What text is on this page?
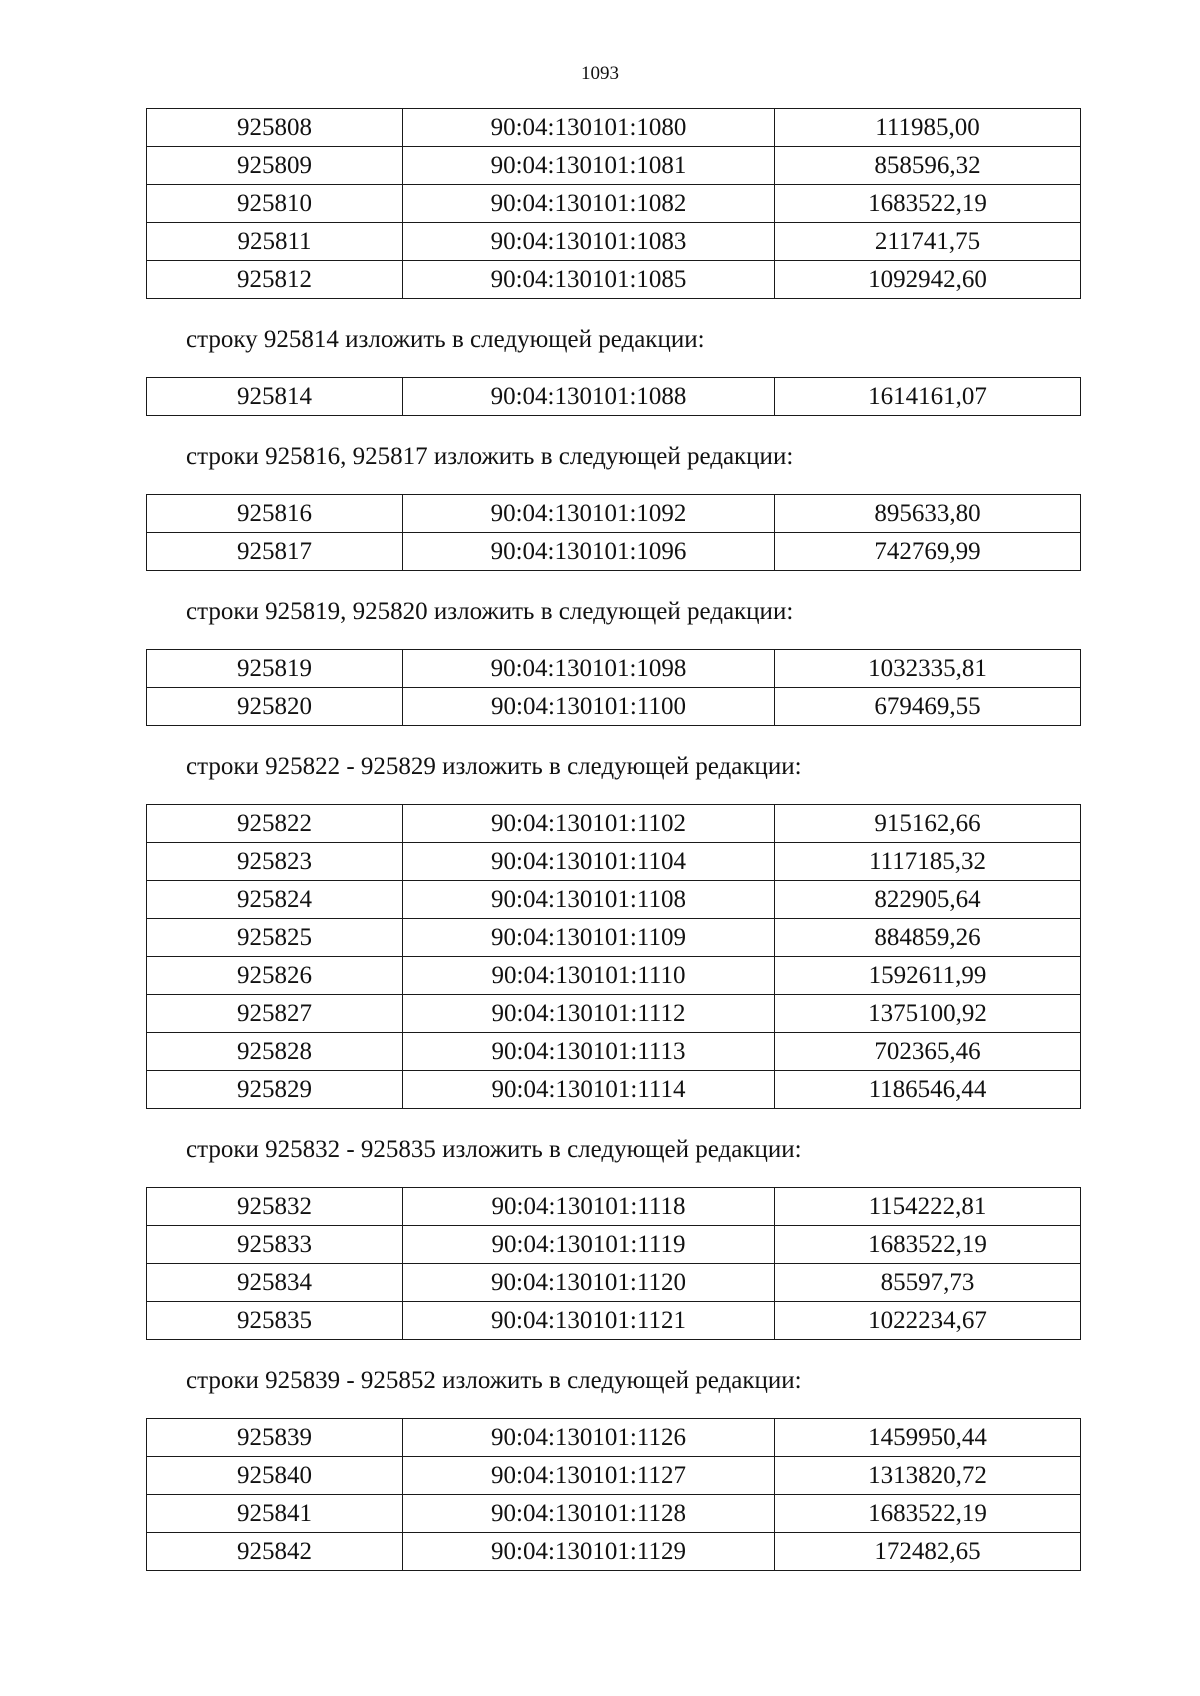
1093
925808	90:04:130101:1080	111985,00
925809	90:04:130101:1081	858596,32
925810	90:04:130101:1082	1683522,19
925811	90:04:130101:1083	211741,75
925812	90:04:130101:1085	1092942,60
строку 925814 изложить в следующей редакции:
925814	90:04:130101:1088	1614161,07
строки 925816, 925817 изложить в следующей редакции:
925816	90:04:130101:1092	895633,80
925817	90:04:130101:1096	742769,99
строки 925819, 925820 изложить в следующей редакции:
925819	90:04:130101:1098	1032335,81
925820	90:04:130101:1100	679469,55
строки 925822 - 925829 изложить в следующей редакции:
925822	90:04:130101:1102	915162,66
925823	90:04:130101:1104	1117185,32
925824	90:04:130101:1108	822905,64
925825	90:04:130101:1109	884859,26
925826	90:04:130101:1110	1592611,99
925827	90:04:130101:1112	1375100,92
925828	90:04:130101:1113	702365,46
925829	90:04:130101:1114	1186546,44
строки 925832 - 925835 изложить в следующей редакции:
925832	90:04:130101:1118	1154222,81
925833	90:04:130101:1119	1683522,19
925834	90:04:130101:1120	85597,73
925835	90:04:130101:1121	1022234,67
строки 925839 - 925852 изложить в следующей редакции:
925839	90:04:130101:1126	1459950,44
925840	90:04:130101:1127	1313820,72
925841	90:04:130101:1128	1683522,19
925842	90:04:130101:1129	172482,65
